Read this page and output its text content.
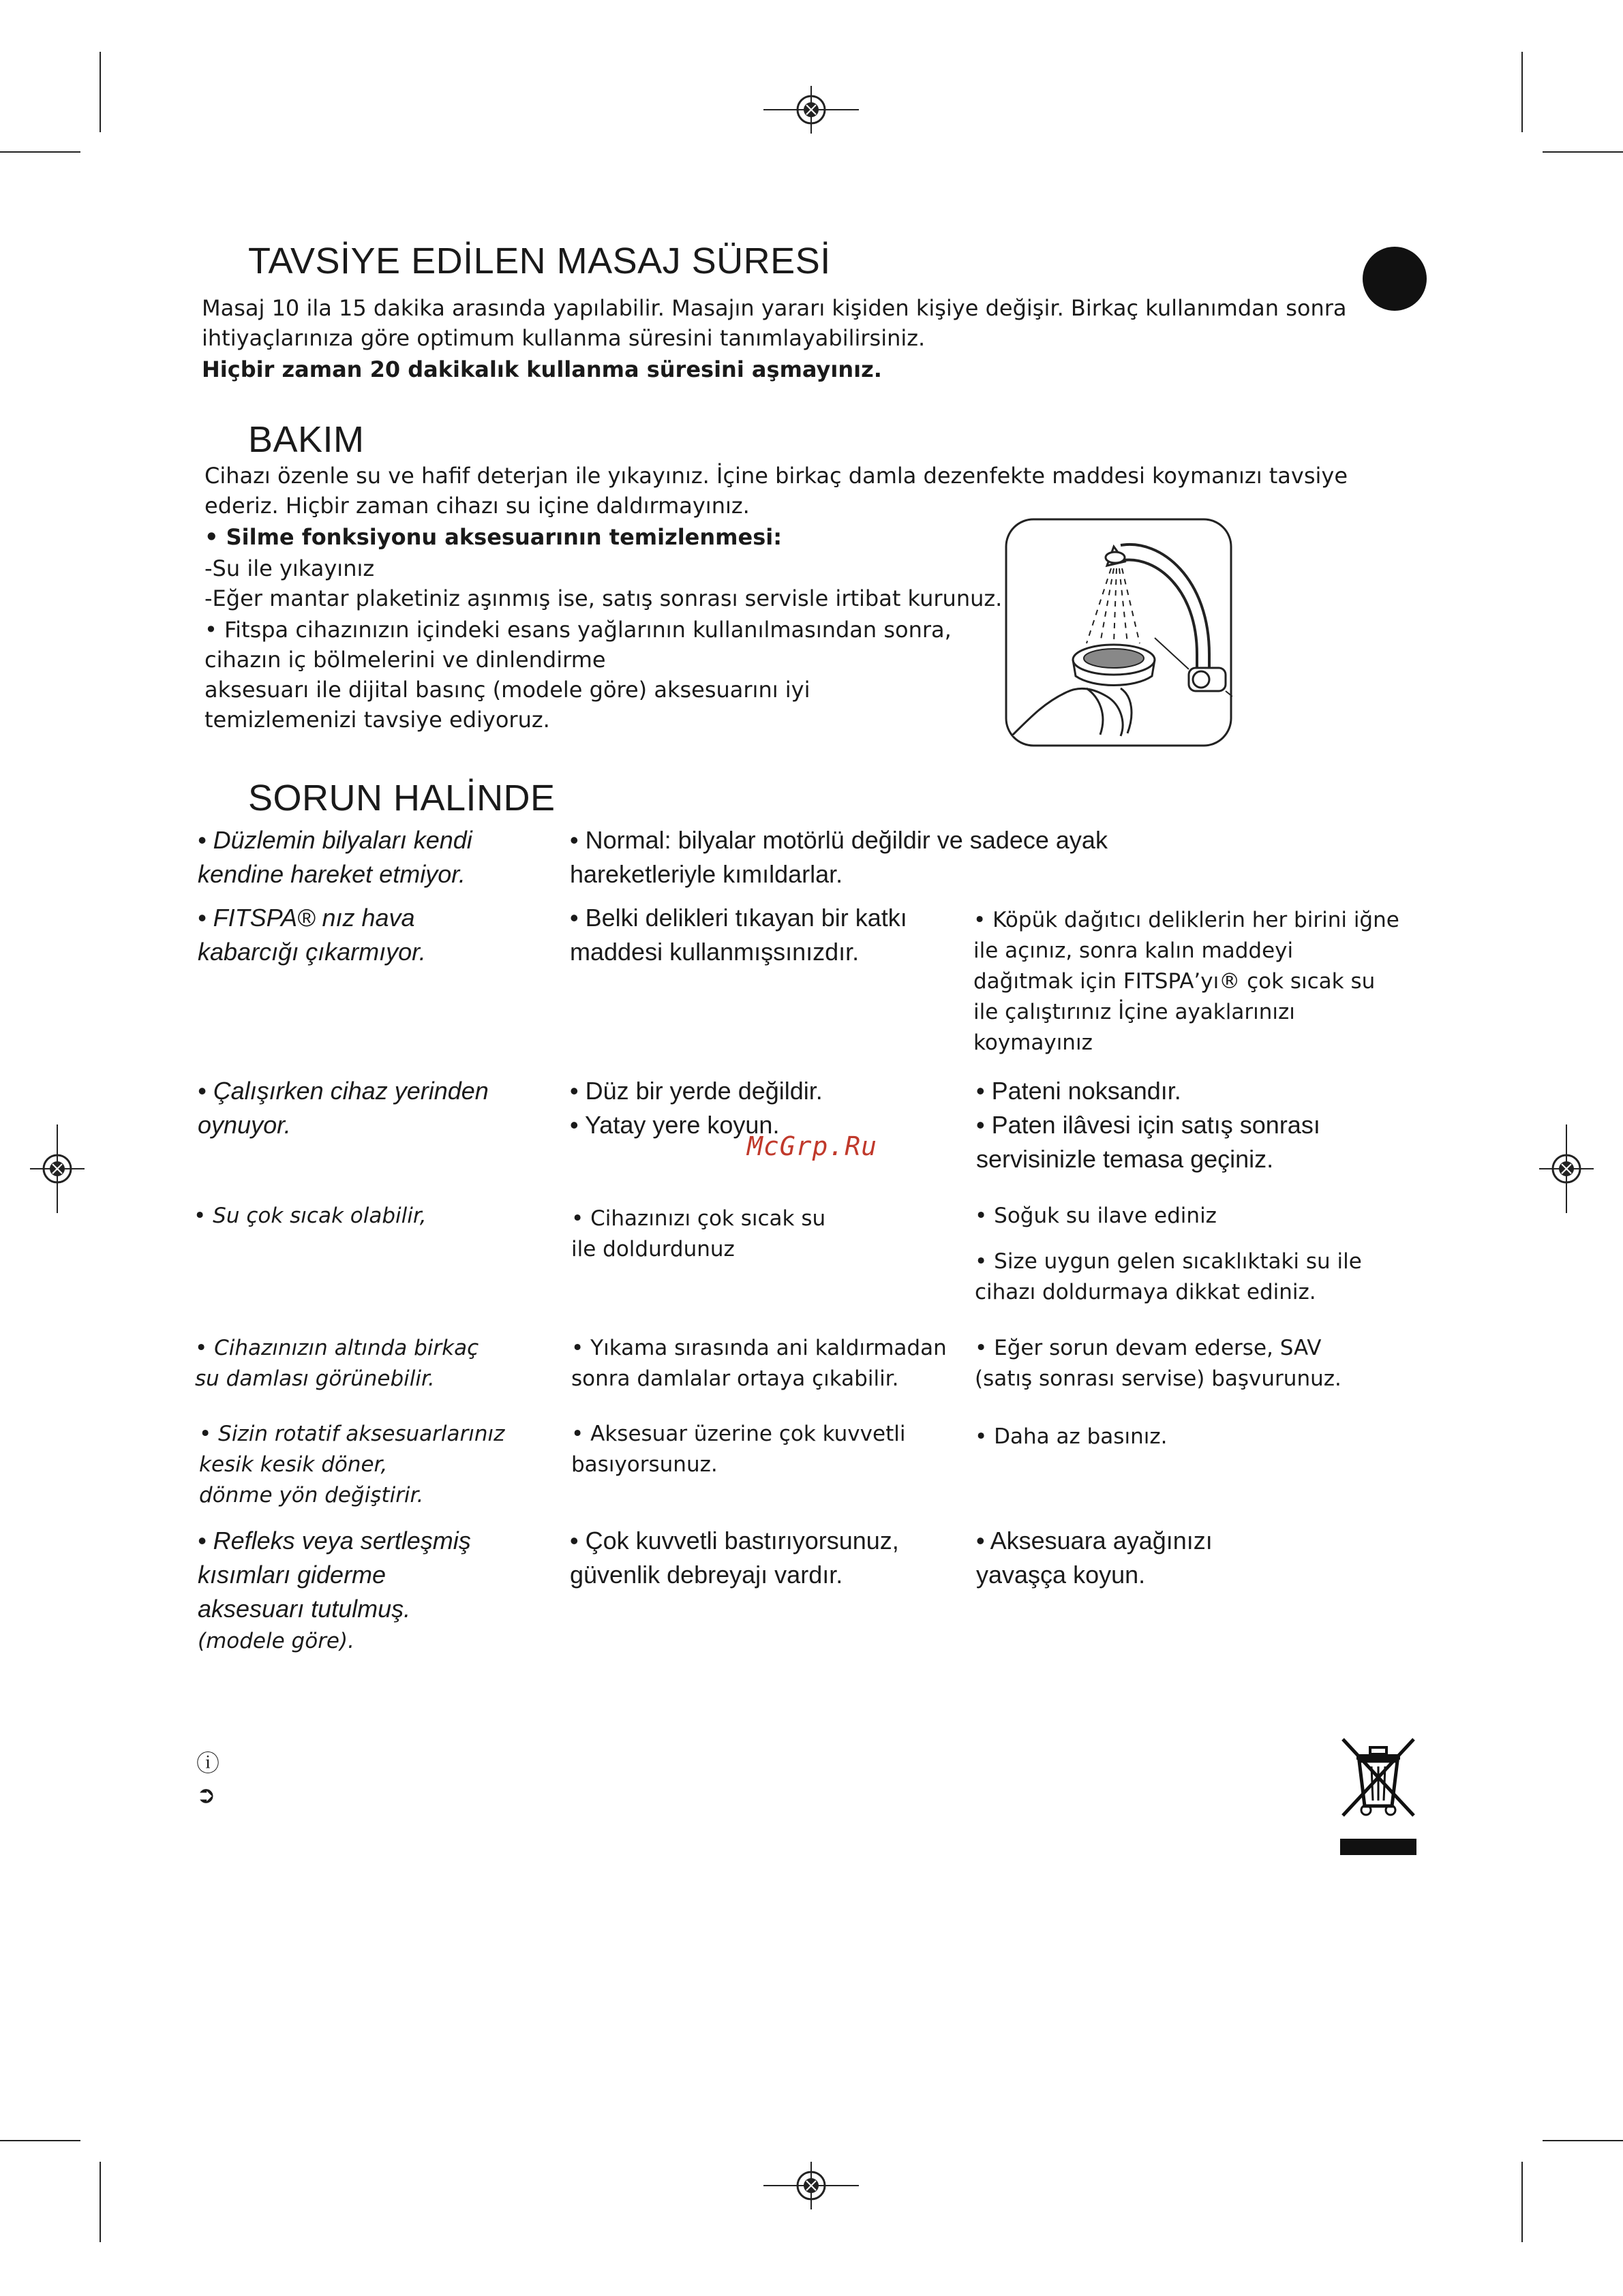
TAVSİYE EDİLEN MASAJ SÜRESİ

Masaj 10 ila 15 dakika arasında yapılabilir. Masajın yararı kişiden kişiye değişir. Birkaç kullanımdan sonra

ihtiyaçlarınıza göre optimum kullanma süresini tanımlayabilirsiniz.

Hiçbir zaman 20 dakikalık kullanma süresini aşmayınız.

BAKIM

Cihazı özenle su ve hafif deterjan ile yıkayınız. İçine birkaç damla dezenfekte maddesi koymanızı tavsiye

ederiz. Hiçbir zaman cihazı su içine daldırmayınız.

• Silme fonksiyonu aksesuarının temizlenmesi:

-Su ile yıkayınız

-Eğer mantar plaketiniz aşınmış ise, satış sonrası servisle irtibat kurunuz.

• Fitspa cihazınızın içindeki esans yağlarının kullanılmasından sonra,

cihazın iç bölmelerini ve dinlendirme

aksesuarı ile dijital basınç (modele göre) aksesuarını iyi

temizlemenizi tavsiye ediyoruz.

SORUN HALİNDE
McGrp.Ru

• Düzlemin bilyaları kendi

kendine hareket etmiyor.

• Normal: bilyalar motörlü değildir ve sadece ayak

hareketleriyle kımıldarlar.

• FITSPA® nız hava

kabarcığı çıkarmıyor.

• Belki delikleri tıkayan bir katkı

maddesi kullanmışsınızdır.

• Köpük dağıtıcı deliklerin her birini iğne

ile açınız, sonra kalın maddeyi

dağıtmak için FITSPA’yı® çok sıcak su

ile çalıştırınız İçine ayaklarınızı

koymayınız

• Çalışırken cihaz yerinden

oynuyor.

• Düz bir yerde değildir.

• Yatay yere koyun.

• Pateni noksandır.

• Paten ilâvesi için satış sonrası

servisinizle temasa geçiniz.

• Su çok sıcak olabilir,	• Cihazınızı çok sıcak su

ile doldurdunuz

• Soğuk su ilave ediniz

• Size uygun gelen sıcaklıktaki su ile

cihazı doldurmaya dikkat ediniz.

• Cihazınızın altında birkaç

su damlası görünebilir.

• Yıkama sırasında ani kaldırmadan

sonra damlalar ortaya çıkabilir.

• Eğer sorun devam ederse, SAV

(satış sonrası servise) başvurunuz.

• Sizin rotatif aksesuarlarınız

kesik kesik döner,

dönme yön değiştirir.

• Aksesuar üzerine çok kuvvetli

basıyorsunuz.

• Daha az basınız.

• Refleks veya sertleşmiş

kısımları giderme

aksesuarı tutulmuş.

(modele göre).

• Çok kuvvetli bastırıyorsunuz,

güvenlik debreyajı vardır.

• Aksesuara ayağınızı

yavaşça koyun.

ⓘ
➲
